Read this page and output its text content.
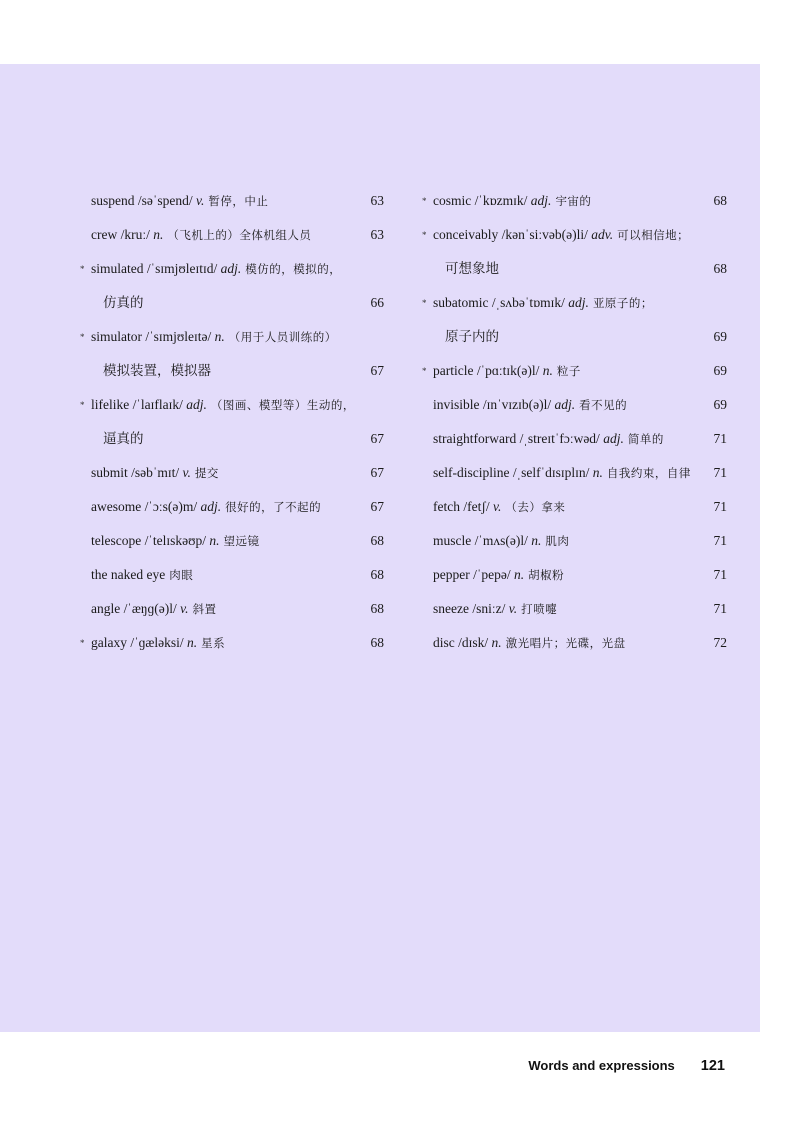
suspend /səˈspend/ v. 暂停，中止	63
crew /kruː/ n. （飞机上的）全体机组人员	63
* simulated /ˈsɪmjʊleɪtɪd/ adj. 模仿的，模拟的，
仿真的	66
* simulator /ˈsɪmjʊleɪtə/ n. （用于人员训练的）
模拟装置，模拟器	67
* lifelike /ˈlaɪflaɪk/ adj. （图画、模型等）生动的，
逼真的	67
submit /səbˈmɪt/ v. 提交	67
awesome /ˈɔːs(ə)m/ adj. 很好的，了不起的	67
telescope /ˈtelɪskəʊp/ n. 望远镜	68
the naked eye 肉眼	68
angle /ˈæŋɡ(ə)l/ v. 斜置	68
* galaxy /ˈɡæləksi/ n. 星系	68
* cosmic /ˈkɒzmɪk/ adj. 宇宙的	68
* conceivably /kənˈsiːvəb(ə)li/ adv. 可以相信地；
可想象地	68
* subatomic /ˌsʌbəˈtɒmɪk/ adj. 亚原子的；
原子内的	69
* particle /ˈpɑːtɪk(ə)l/ n. 粒子	69
invisible /ɪnˈvɪzɪb(ə)l/ adj. 看不见的	69
straightforward /ˌstreɪtˈfɔːwəd/ adj. 简单的	71
self-discipline /ˌselfˈdɪsɪplɪn/ n. 自我约束，自律 71
fetch /fetʃ/ v. （去）拿来	71
muscle /ˈmʌs(ə)l/ n. 肌肉	71
pepper /ˈpepə/ n. 胡椒粉	71
sneeze /sniːz/ v. 打喷嚏	71
disc /dɪsk/ n. 激光唱片；光碟，光盘	72
Words and expressions 121
